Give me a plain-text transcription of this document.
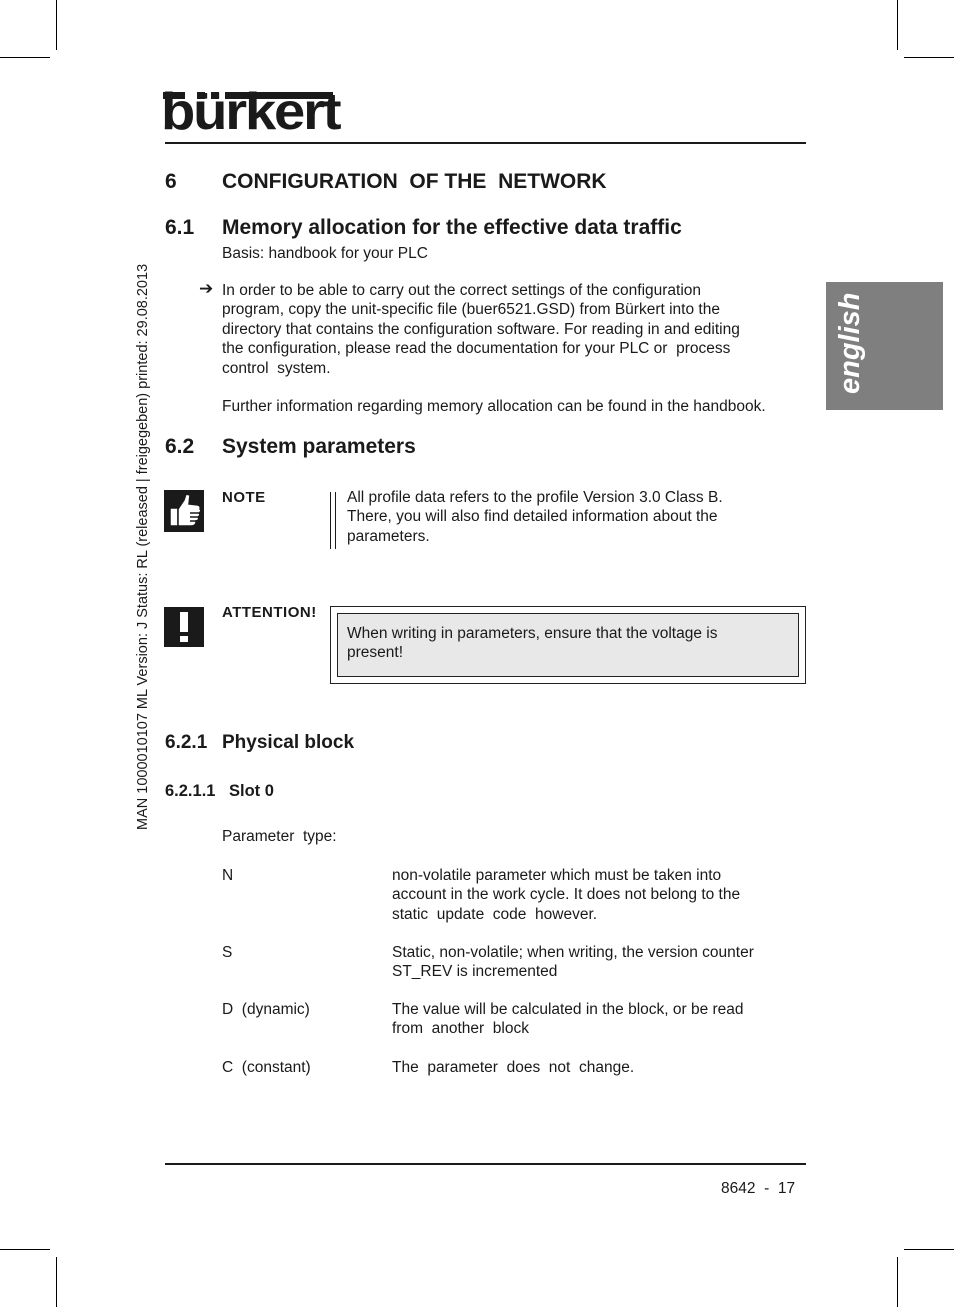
bürkert
MAN 1000010107 ML Version: J Status: RL (released | freigegeben) printed: 29.08.2013	english
6 CONFIGURATION  OF THE  NETWORK
6.1 Memory allocation for the effective data traffic
Basis: handbook for your PLC
➔ In order to be able to carry out the correct settings of the configuration
program, copy the unit-specific file (buer6521.GSD) from Bürkert into the
directory that contains the configuration software. For reading in and editing
the configuration, please read the documentation for your PLC or  process
control  system.
Further information regarding memory allocation can be found in the handbook.
6.2 System parameters
NOTE	All profile data refers to the profile Version 3.0 Class B.
There, you will also find detailed information about the
parameters.
ATTENTION!
When writing in parameters, ensure that the voltage is
present!
6.2.1 Physical block
6.2.1.1 Slot 0
Parameter  type:
N	non-volatile parameter which must be taken into
account in the work cycle. It does not belong to the
static  update  code  however.
S	Static, non-volatile; when writing, the version counter
ST_REV is incremented
D  (dynamic)	The value will be calculated in the block, or be read
from  another  block
C  (constant)	The  parameter  does  not  change.
8642  -  17
